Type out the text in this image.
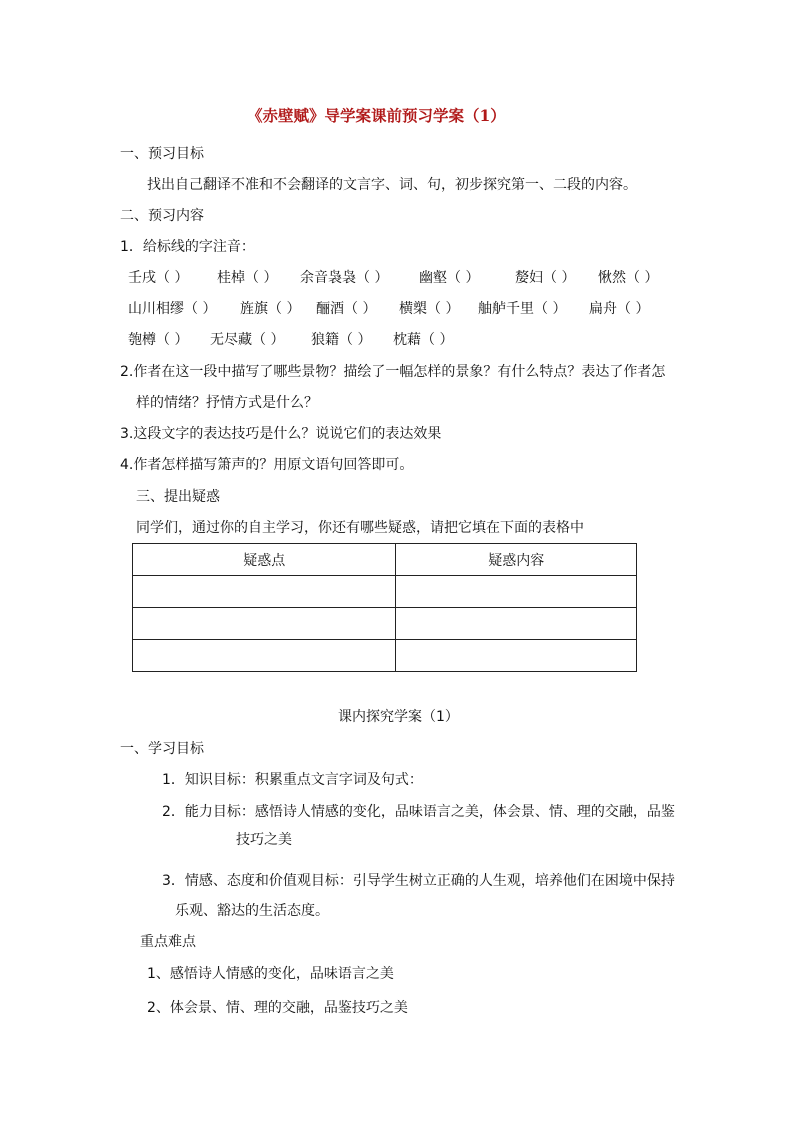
《赤壁赋》导学案课前预习学案（1）
一、预习目标
找出自己翻译不准和不会翻译的文言字、词、句，初步探究第一、二段的内容。
二、预习内容
1．给标线的字注音：
壬戌（ ） 桂棹（ ） 余音袅袅（ ） 幽壑（ ）	嫠妇（ ） 愀然（ ）
山川相缪（ ） 旌旗（ ） 酾酒（ ） 横槊（ ） 舳舻千里（ ） 扁舟（ ）
匏樽（ ） 无尽藏（ ） 狼籍（ ） 枕藉（ ）
2.作者在这一段中描写了哪些景物？描绘了一幅怎样的景象？有什么特点？表达了作者怎
样的情绪？抒情方式是什么？
3.这段文字的表达技巧是什么？说说它们的表达效果
4.作者怎样描写箫声的？用原文语句回答即可。
三、提出疑惑
同学们，通过你的自主学习，你还有哪些疑惑，请把它填在下面的表格中
疑惑点	疑惑内容

课内探究学案（1）
一、学习目标
1．知识目标：积累重点文言字词及句式：
2．能力目标：感悟诗人情感的变化，品味语言之美，体会景、情、理的交融，品鉴
技巧之美
3．情感、态度和价值观目标：引导学生树立正确的人生观，培养他们在困境中保持
乐观、豁达的生活态度。
重点难点
1、感悟诗人情感的变化，品味语言之美
2、体会景、情、理的交融，品鉴技巧之美
